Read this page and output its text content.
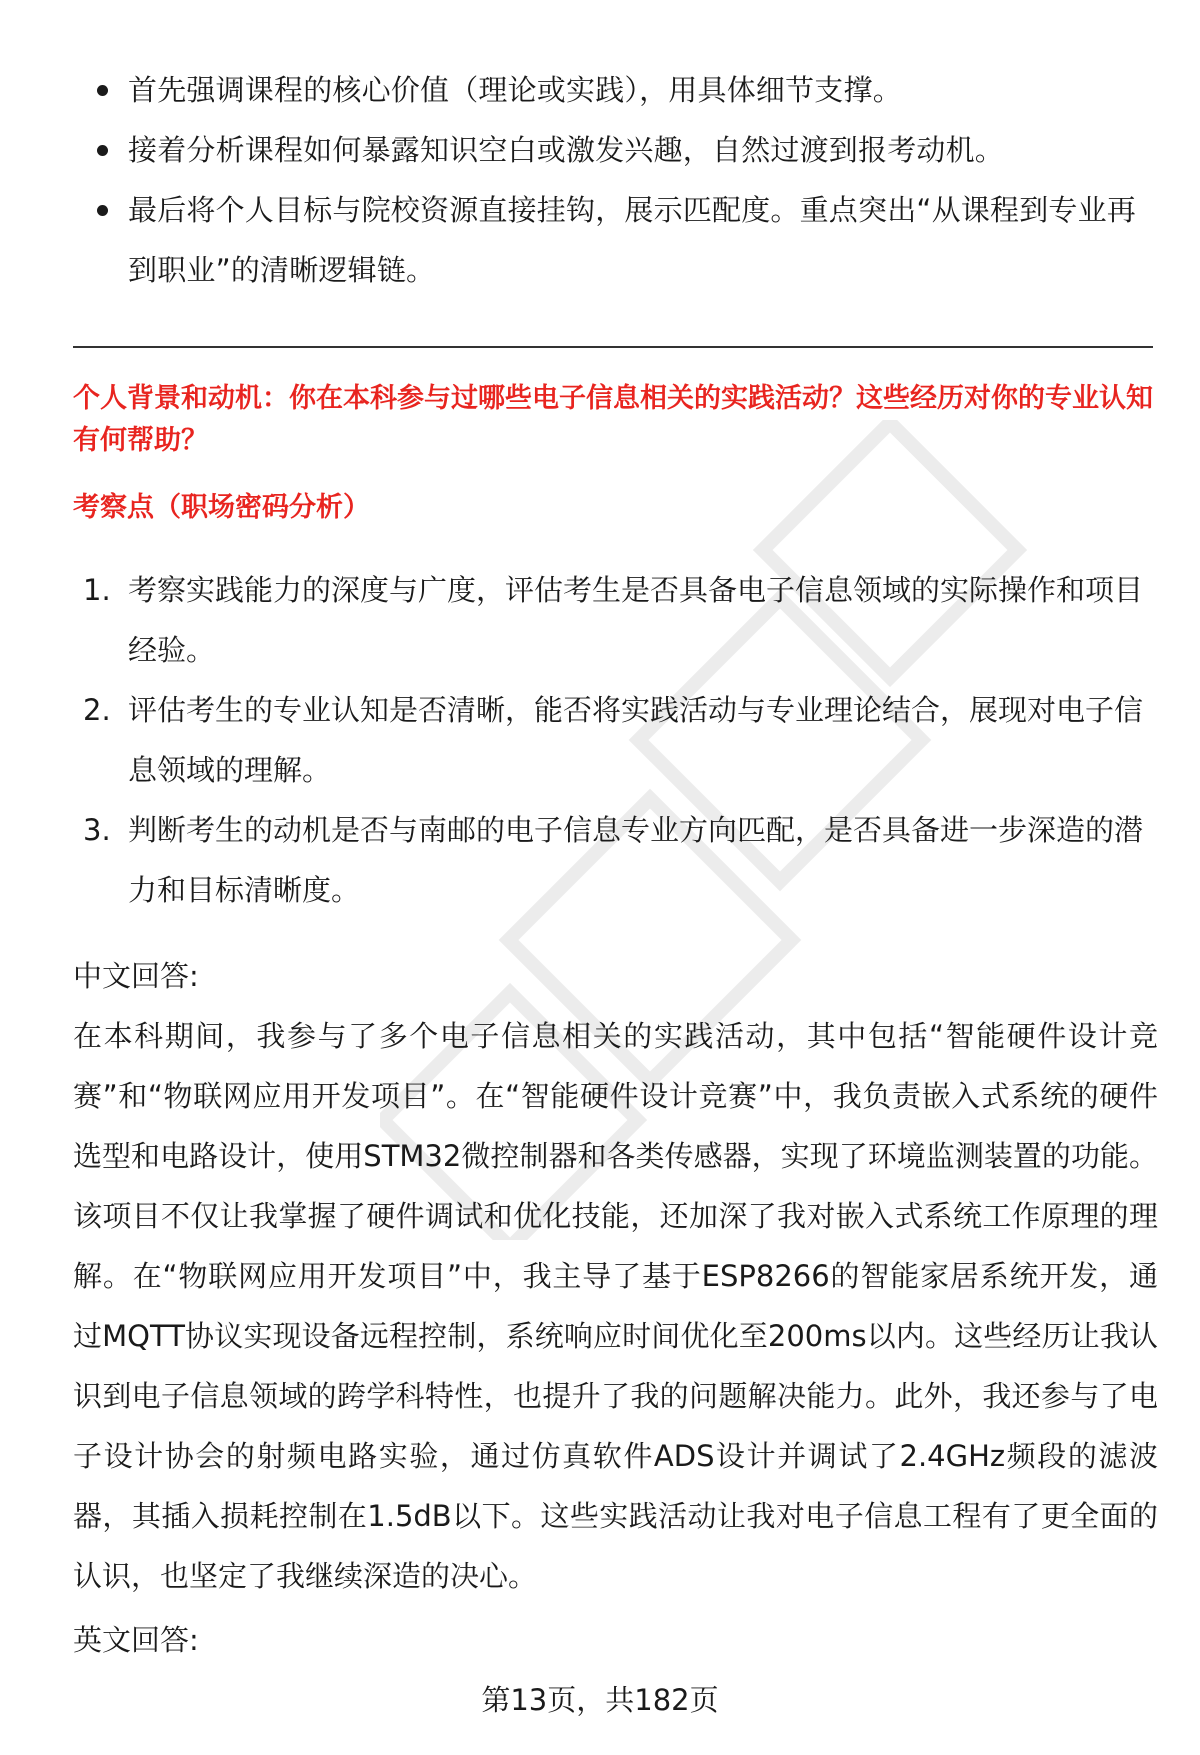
首先强调课程的核心价值（理论或实践），用具体细节支撑。
接着分析课程如何暴露知识空白或激发兴趣，自然过渡到报考动机。
最后将个人目标与院校资源直接挂钩，展示匹配度。重点突出“从课程到专业再到职业”的清晰逻辑链。
个人背景和动机：你在本科参与过哪些电子信息相关的实践活动？这些经历对你的专业认知有何帮助？
考察点（职场密码分析）
1. 考察实践能力的深度与广度，评估考生是否具备电子信息领域的实际操作和项目经验。
2. 评估考生的专业认知是否清晰，能否将实践活动与专业理论结合，展现对电子信息领域的理解。
3. 判断考生的动机是否与南邮的电子信息专业方向匹配，是否具备进一步深造的潜力和目标清晰度。
中文回答:
在本科期间，我参与了多个电子信息相关的实践活动，其中包括“智能硬件设计竞赛”和“物联网应用开发项目”。在“智能硬件设计竞赛”中，我负责嵌入式系统的硬件选型和电路设计，使用STM32微控制器和各类传感器，实现了环境监测装置的功能。该项目不仅让我掌握了硬件调试和优化技能，还加深了我对嵌入式系统工作原理的理解。在“物联网应用开发项目”中，我主导了基于ESP8266的智能家居系统开发，通过MQTT协议实现设备远程控制，系统响应时间优化至200ms以内。这些经历让我认识到电子信息领域的跨学科特性，也提升了我的问题解决能力。此外，我还参与了电子设计协会的射频电路实验，通过仿真软件ADS设计并调试了2.4GHz频段的滤波器，其插入损耗控制在1.5dB以下。这些实践活动让我对电子信息工程有了更全面的认识，也坚定了我继续深造的决心。
英文回答:
第13页，共182页
